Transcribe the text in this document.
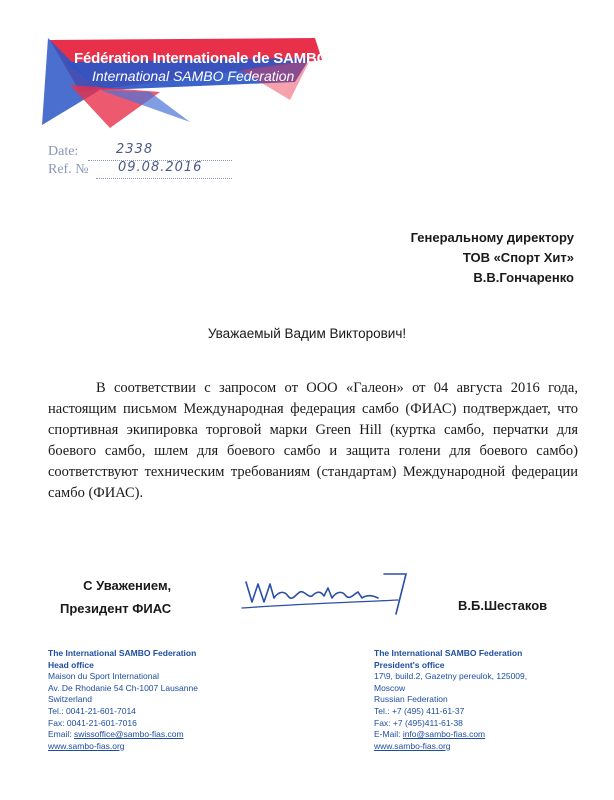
Fédération Internationale de SAMBO
International SAMBO Federation
Date:	2338
Ref. № 09.08.2016
Генеральному директору
ТОВ «Спорт Хит»
В.В.Гончаренко
Уважаемый Вадим Викторович!
В соответствии с запросом от ООО «Галеон» от 04 августа 2016 года, настоящим письмом Международная федерация самбо (ФИАС) подтверждает, что спортивная экипировка торговой марки Green Hill (куртка самбо, перчатки для боевого самбо, шлем для боевого самбо и защита голени для боевого самбо) соответствуют техническим требованиям (стандартам) Международной федерации самбо (ФИАС).
С Уважением,
Президент ФИАС	В.Б.Шестаков
The International SAMBO Federation
Head office
Maison du Sport International
Av. De Rhodanie 54 Ch-1007 Lausanne
Switzerland
Tel.: 0041-21-601-7014
Fax: 0041-21-601-7016
Email: swissoffice@sambo-fias.com
www.sambo-fias.org
The International SAMBO Federation
President's office
17\9, build.2, Gazetny pereulok, 125009,
Moscow
Russian Federation
Tel.: +7 (495) 411-61-37
Fax: +7 (495)411-61-38
E-Mail: info@sambo-fias.com
www.sambo-fias.org
